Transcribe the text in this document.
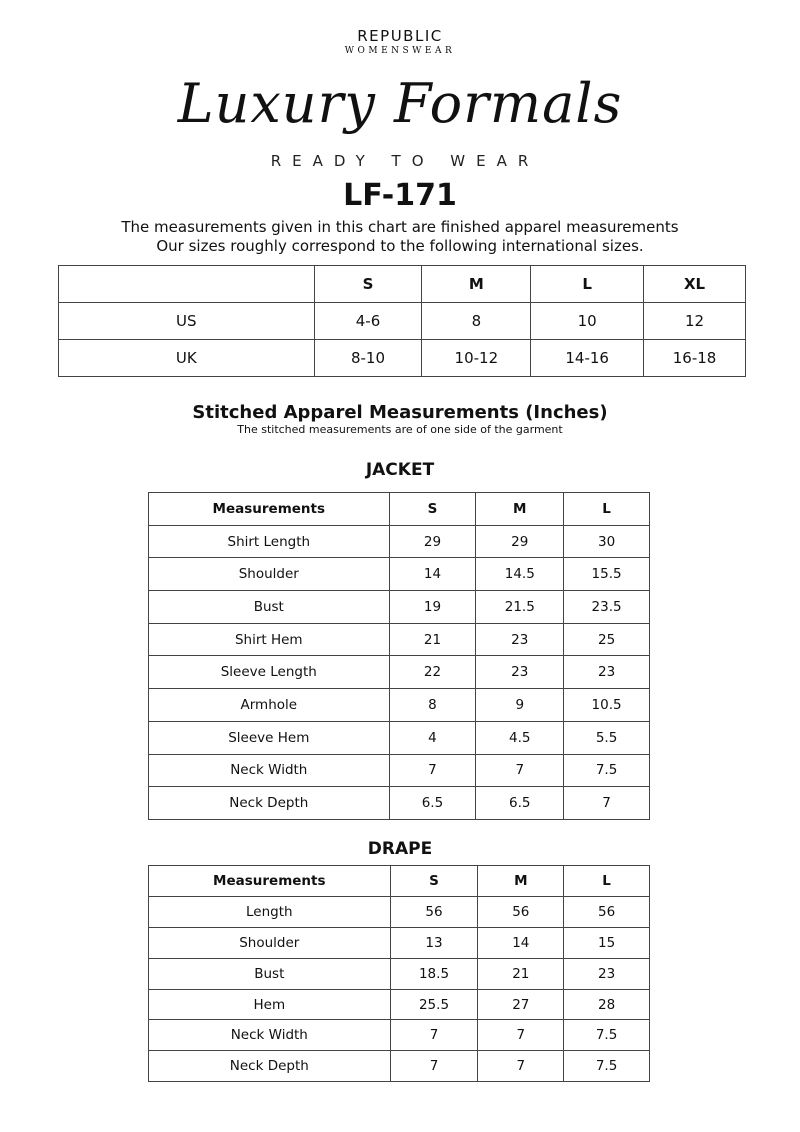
REPUBLIC
WOMENSWEAR
Luxury Formals
READY TO WEAR
LF-171
The measurements given in this chart are finished apparel measurements
Our sizes roughly correspond to the following international sizes.
	S	M	L	XL
US	4-6	8	10	12
UK	8-10	10-12	14-16	16-18
Stitched Apparel Measurements (Inches)
The stitched measurements are of one side of the garment
JACKET
Measurements	S	M	L
Shirt Length	29	29	30
Shoulder	14	14.5	15.5
Bust	19	21.5	23.5
Shirt Hem	21	23	25
Sleeve Length	22	23	23
Armhole	8	9	10.5
Sleeve Hem	4	4.5	5.5
Neck Width	7	7	7.5
Neck Depth	6.5	6.5	7
DRAPE
Measurements	S	M	L
Length	56	56	56
Shoulder	13	14	15
Bust	18.5	21	23
Hem	25.5	27	28
Neck Width	7	7	7.5
Neck Depth	7	7	7.5
